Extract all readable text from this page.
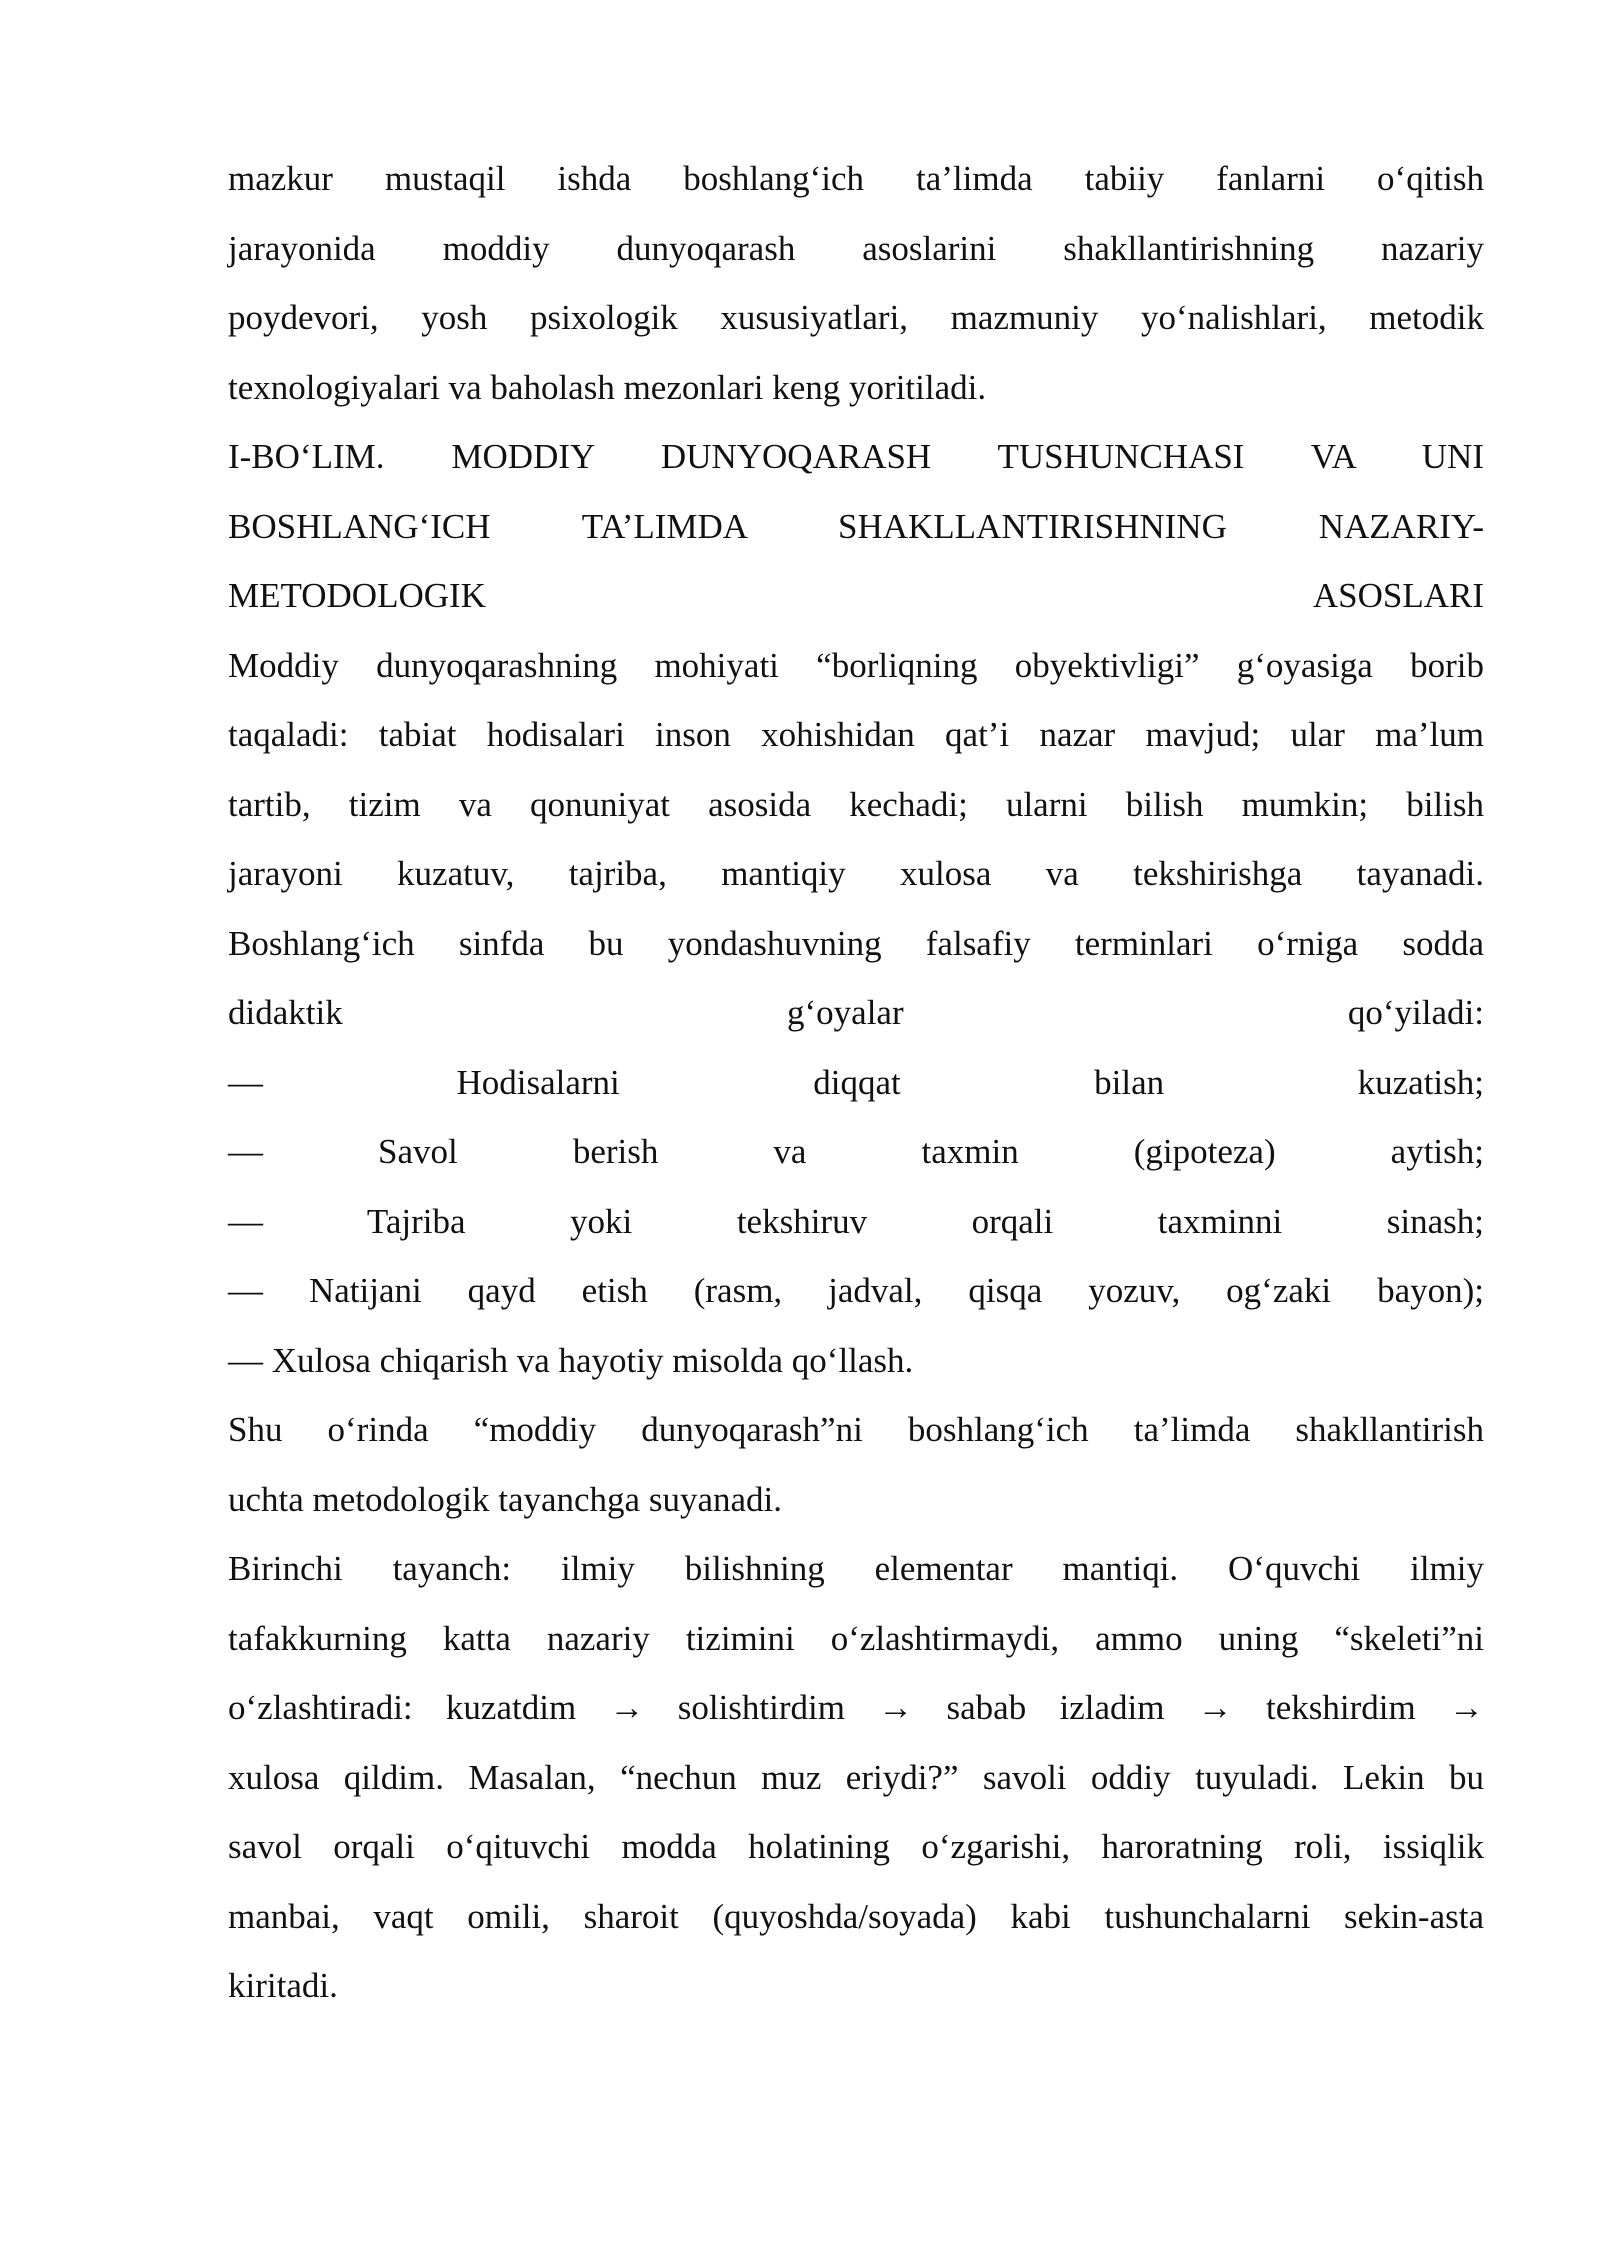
mazkur mustaqil ishda boshlang‘ich ta’limda tabiiy fanlarni o‘qitish
jarayonida moddiy dunyoqarash asoslarini shakllantirishning nazariy
poydevori, yosh psixologik xususiyatlari, mazmuniy yo‘nalishlari, metodik
texnologiyalari va baholash mezonlari keng yoritiladi.
I-BO‘LIM. MODDIY DUNYOQARASH TUSHUNCHASI VA UNI
BOSHLANG‘ICH TA’LIMDA SHAKLLANTIRISHNING NAZARIY-
METODOLOGIK ASOSLARI
Moddiy dunyoqarashning mohiyati “borliqning obyektivligi” g‘oyasiga borib
taqaladi: tabiat hodisalari inson xohishidan qat’i nazar mavjud; ular ma’lum
tartib, tizim va qonuniyat asosida kechadi; ularni bilish mumkin; bilish
jarayoni kuzatuv, tajriba, mantiqiy xulosa va tekshirishga tayanadi.
Boshlang‘ich sinfda bu yondashuvning falsafiy terminlari o‘rniga sodda
didaktik g‘oyalar qo‘yiladi:
— Hodisalarni diqqat bilan kuzatish;
— Savol berish va taxmin (gipoteza) aytish;
— Tajriba yoki tekshiruv orqali taxminni sinash;
— Natijani qayd etish (rasm, jadval, qisqa yozuv, og‘zaki bayon);
— Xulosa chiqarish va hayotiy misolda qo‘llash.
Shu o‘rinda “moddiy dunyoqarash”ni boshlang‘ich ta’limda shakllantirish
uchta metodologik tayanchga suyanadi.
Birinchi tayanch: ilmiy bilishning elementar mantiqi. O‘quvchi ilmiy
tafakkurning katta nazariy tizimini o‘zlashtirmaydi, ammo uning “skeleti”ni
o‘zlashtiradi: kuzatdim → solishtirdim → sabab izladim → tekshirdim →
xulosa qildim. Masalan, “nechun muz eriydi?” savoli oddiy tuyuladi. Lekin bu
savol orqali o‘qituvchi modda holatining o‘zgarishi, haroratning roli, issiqlik
manbai, vaqt omili, sharoit (quyoshda/soyada) kabi tushunchalarni sekin-asta
kiritadi.
